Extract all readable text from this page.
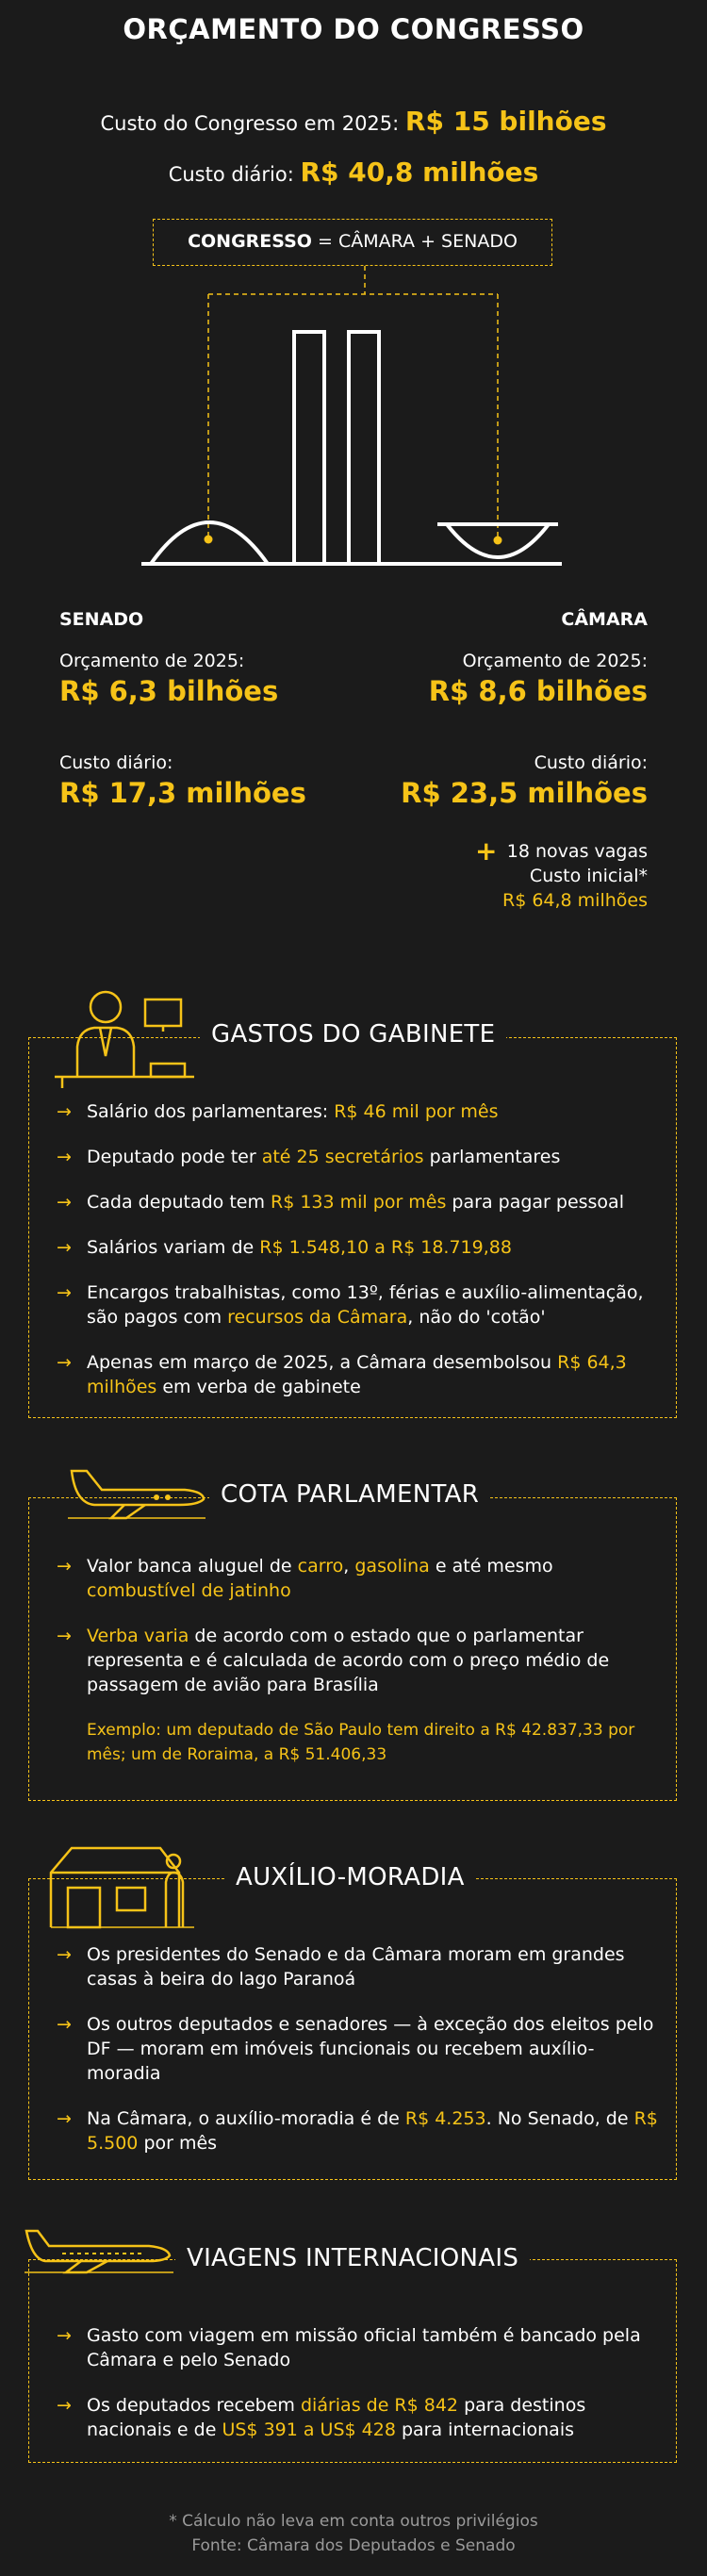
ORÇAMENTO DO CONGRESSO
Custo do Congresso em 2025: R$ 15 bilhões
Custo diário: R$ 40,8 milhões
CONGRESSO = CÂMARA + SENADO
SENADO
Orçamento de 2025:
R$ 6,3 bilhões
Custo diário:
R$ 17,3 milhões
CÂMARA
Orçamento de 2025:
R$ 8,6 bilhões
Custo diário:
R$ 23,5 milhões
+ 18 novas vagas
Custo inicial*
R$ 64,8 milhões
GASTOS DO GABINETE
→ Salário dos parlamentares: R$ 46 mil por mês
→ Deputado pode ter até 25 secretários parlamentares
→ Cada deputado tem R$ 133 mil por mês para pagar pessoal
→ Salários variam de R$ 1.548,10 a R$ 18.719,88
→ Encargos trabalhistas, como 13º, férias e auxílio-alimentação, são pagos com recursos da Câmara, não do 'cotão'
→ Apenas em março de 2025, a Câmara desembolsou R$ 64,3 milhões em verba de gabinete
COTA PARLAMENTAR
→ Valor banca aluguel de carro, gasolina e até mesmo combustível de jatinho
→ Verba varia de acordo com o estado que o parlamentar representa e é calculada de acordo com o preço médio de passagem de avião para Brasília
Exemplo: um deputado de São Paulo tem direito a R$ 42.837,33 por mês; um de Roraima, a R$ 51.406,33
AUXÍLIO-MORADIA
→ Os presidentes do Senado e da Câmara moram em grandes casas à beira do lago Paranoá
→ Os outros deputados e senadores — à exceção dos eleitos pelo DF — moram em imóveis funcionais ou recebem auxílio-moradia
→ Na Câmara, o auxílio-moradia é de R$ 4.253. No Senado, de R$ 5.500 por mês
VIAGENS INTERNACIONAIS
→ Gasto com viagem em missão oficial também é bancado pela Câmara e pelo Senado
→ Os deputados recebem diárias de R$ 842 para destinos nacionais e de US$ 391 a US$ 428 para internacionais
* Cálculo não leva em conta outros privilégios
Fonte: Câmara dos Deputados e Senado
